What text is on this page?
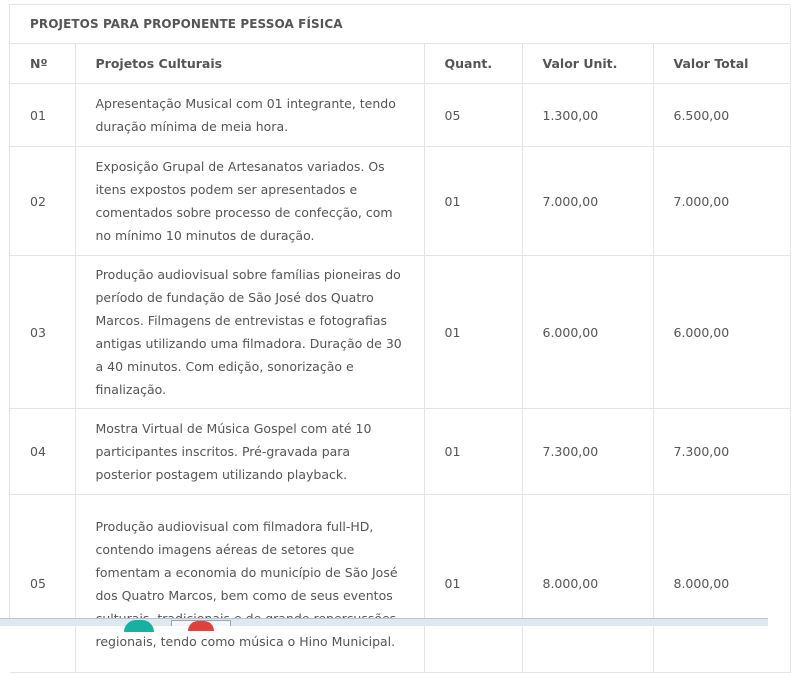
PROJETOS PARA PROPONENTE PESSOA FÍSICA				
Nº	Projetos Culturais	Quant.	Valor Unit.	Valor Total
01	Apresentação Musical com 01 integrante, tendo duração mínima de meia hora.	05	1.300,00	6.500,00
02	Exposição Grupal de Artesanatos variados. Os itens expostos podem ser apresentados e comentados sobre processo de confecção, com no mínimo 10 minutos de duração.	01	7.000,00	7.000,00
03	Produção audiovisual sobre famílias pioneiras do período de fundação de São José dos Quatro Marcos. Filmagens de entrevistas e fotografias antigas utilizando uma filmadora. Duração de 30 a 40 minutos. Com edição, sonorização e finalização.	01	6.000,00	6.000,00
04	Mostra Virtual de Música Gospel com até 10 participantes inscritos. Pré-gravada para posterior postagem utilizando playback.	01	7.300,00	7.300,00
05	Produção audiovisual com filmadora full-HD, contendo imagens aéreas de setores que fomentam a economia do município de São José dos Quatro Marcos, bem como de seus eventos regionais, tendo como música o Hino Municipal.	01	8.000,00	8.000,00
